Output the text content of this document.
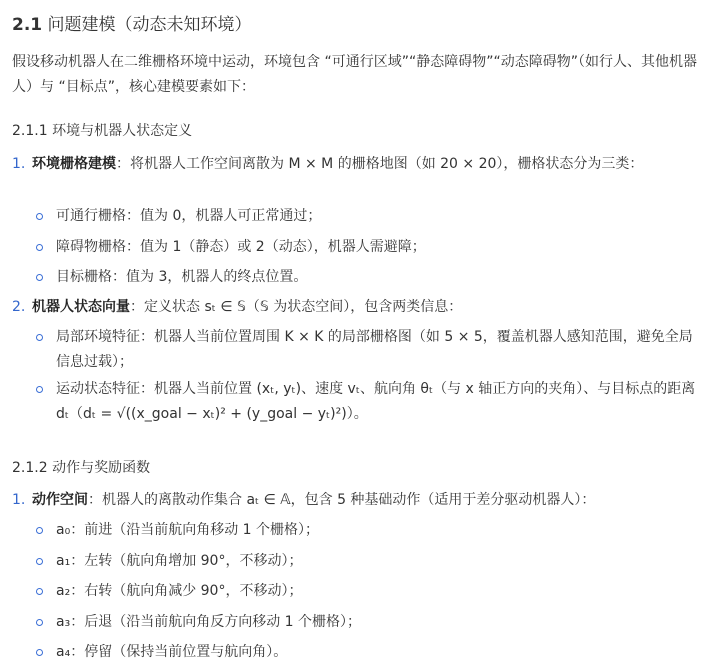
2.1 问题建模（动态未知环境）
假设移动机器人在二维栅格环境中运动，环境包含 “可通行区域”“静态障碍物”“动态障碍物”（如行人、其他机器人）与 “目标点”，核心建模要素如下：
2.1.1 环境与机器人状态定义
1. 环境栅格建模：将机器人工作空间离散为 M × M 的栅格地图（如 20 × 20），栅格状态分为三类：
可通行栅格：值为 0，机器人可正常通过；
障碍物栅格：值为 1（静态）或 2（动态），机器人需避障；
目标栅格：值为 3，机器人的终点位置。
2. 机器人状态向量：定义状态 sₜ ∈ 𝕊（𝕊 为状态空间），包含两类信息：
局部环境特征：机器人当前位置周围 K × K 的局部栅格图（如 5 × 5，覆盖机器人感知范围，避免全局信息过载）；
运动状态特征：机器人当前位置 (xₜ, yₜ)、速度 vₜ、航向角 θₜ（与 x 轴正方向的夹角）、与目标点的距离 dₜ（dₜ = √((x_goal − xₜ)² + (y_goal − yₜ)²)）。
2.1.2 动作与奖励函数
1. 动作空间：机器人的离散动作集合 aₜ ∈ 𝔸，包含 5 种基础动作（适用于差分驱动机器人）：
a₀：前进（沿当前航向角移动 1 个栅格）；
a₁：左转（航向角增加 90°，不移动）；
a₂：右转（航向角减少 90°，不移动）；
a₃：后退（沿当前航向角反方向移动 1 个栅格）；
a₄：停留（保持当前位置与航向角）。
